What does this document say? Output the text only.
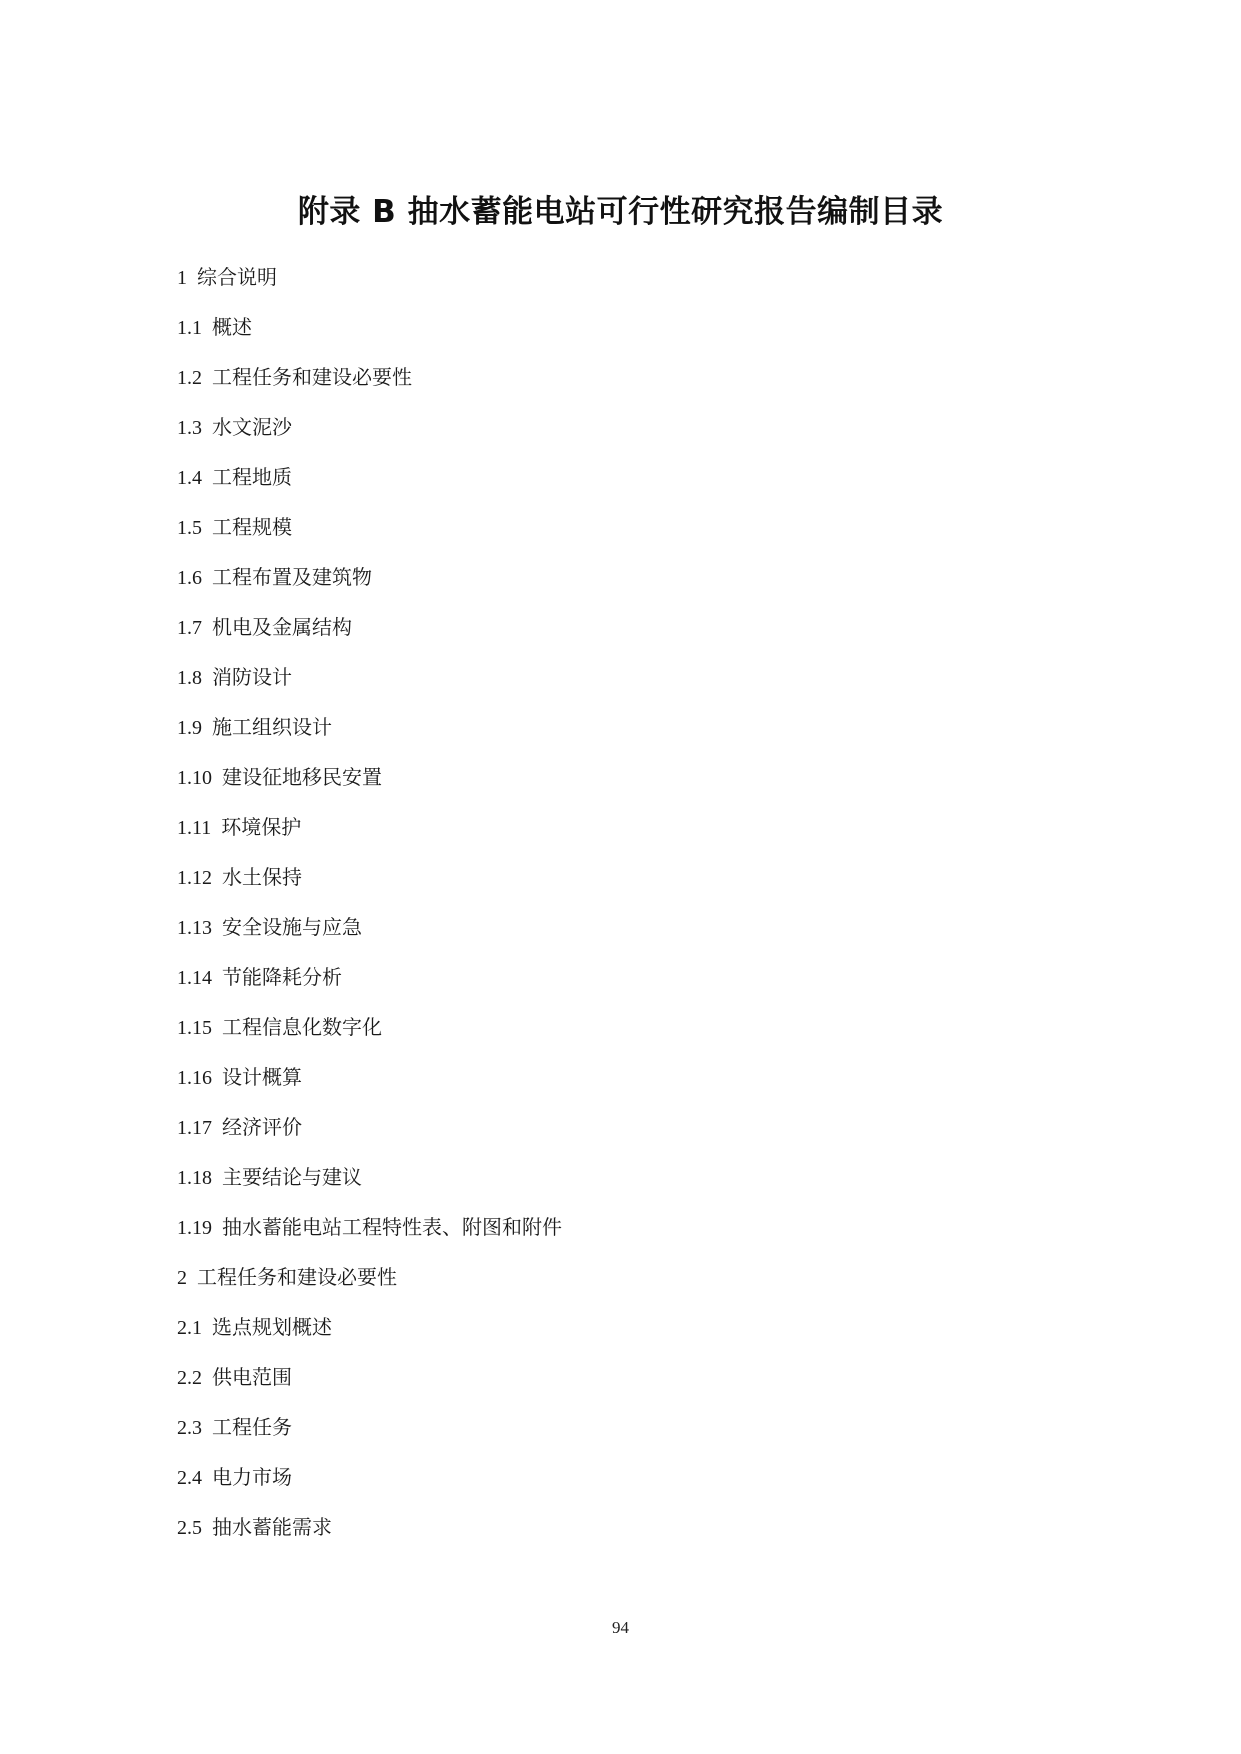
附录 B 抽水蓄能电站可行性研究报告编制目录
1 综合说明
1.1 概述
1.2 工程任务和建设必要性
1.3 水文泥沙
1.4 工程地质
1.5 工程规模
1.6 工程布置及建筑物
1.7 机电及金属结构
1.8 消防设计
1.9 施工组织设计
1.10 建设征地移民安置
1.11 环境保护
1.12 水土保持
1.13 安全设施与应急
1.14 节能降耗分析
1.15 工程信息化数字化
1.16 设计概算
1.17 经济评价
1.18 主要结论与建议
1.19 抽水蓄能电站工程特性表、附图和附件
2 工程任务和建设必要性
2.1 选点规划概述
2.2 供电范围
2.3 工程任务
2.4 电力市场
2.5 抽水蓄能需求
94
